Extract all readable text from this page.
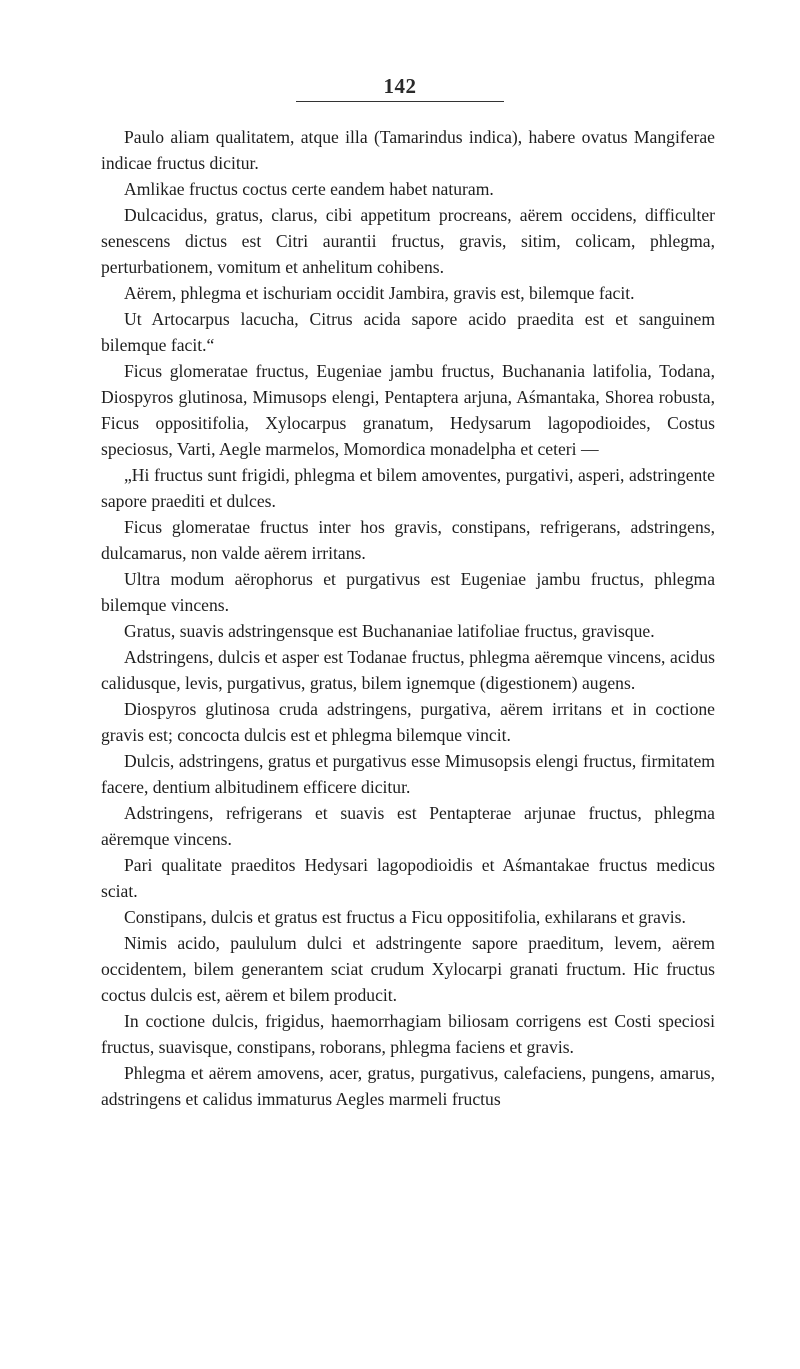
142

Paulo aliam qualitatem, atque illa (Tamarindus indica), habere ovatus Mangiferae indicae fructus dicitur.

Amlikae fructus coctus certe eandem habet naturam.

Dulcacidus, gratus, clarus, cibi appetitum procreans, aërem occidens, difficulter senescens dictus est Citri aurantii fructus, gravis, sitim, colicam, phlegma, perturbationem, vomitum et anhelitum cohibens.

Aërem, phlegma et ischuriam occidit Jambira, gravis est, bilemque facit.

Ut Artocarpus lacucha, Citrus acida sapore acido praedita est et sanguinem bilemque facit.“

Ficus glomeratae fructus, Eugeniae jambu fructus, Buchanania latifolia, Todana, Diospyros glutinosa, Mimusops elengi, Pentaptera arjuna, Aśmantaka, Shorea robusta, Ficus oppositifolia, Xylocarpus granatum, Hedysarum lagopodioides, Costus speciosus, Varti, Aegle marmelos, Momordica monadelpha et ceteri —

„Hi fructus sunt frigidi, phlegma et bilem amoventes, purgativi, asperi, adstringente sapore praediti et dulces.

Ficus glomeratae fructus inter hos gravis, constipans, refrigerans, adstringens, dulcamarus, non valde aërem irritans.

Ultra modum aërophorus et purgativus est Eugeniae jambu fructus, phlegma bilemque vincens.

Gratus, suavis adstringensque est Buchananiae latifoliae fructus, gravisque.

Adstringens, dulcis et asper est Todanae fructus, phlegma aëremque vincens, acidus calidusque, levis, purgativus, gratus, bilem ignemque (digestionem) augens.

Diospyros glutinosa cruda adstringens, purgativa, aërem irritans et in coctione gravis est; concocta dulcis est et phlegma bilemque vincit.

Dulcis, adstringens, gratus et purgativus esse Mimusopsis elengi fructus, firmitatem facere, dentium albitudinem efficere dicitur.

Adstringens, refrigerans et suavis est Pentapterae arjunae fructus, phlegma aëremque vincens.

Pari qualitate praeditos Hedysari lagopodioidis et Aśmantakae fructus medicus sciat.

Constipans, dulcis et gratus est fructus a Ficu oppositifolia, exhilarans et gravis.

Nimis acido, paululum dulci et adstringente sapore praeditum, levem, aërem occidentem, bilem generantem sciat crudum Xylocarpi granati fructum. Hic fructus coctus dulcis est, aërem et bilem producit.

In coctione dulcis, frigidus, haemorrhagiam biliosam corrigens est Costi speciosi fructus, suavisque, constipans, roborans, phlegma faciens et gravis.

Phlegma et aërem amovens, acer, gratus, purgativus, calefaciens, pungens, amarus, adstringens et calidus immaturus Aegles marmeli fructus
